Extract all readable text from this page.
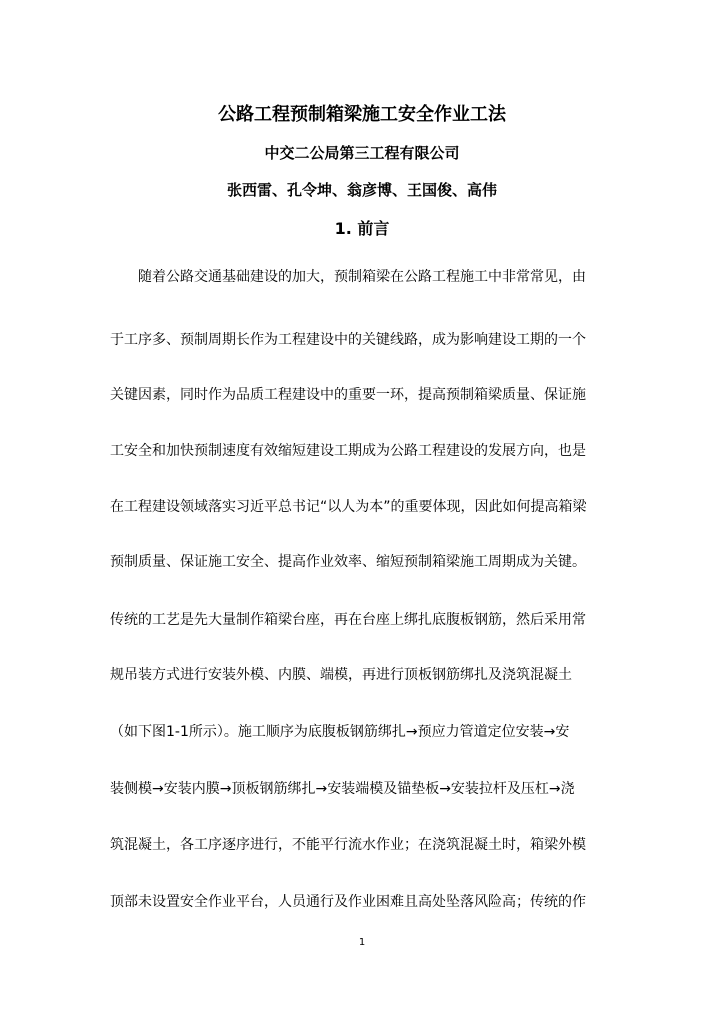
公路工程预制箱梁施工安全作业工法
中交二公局第三工程有限公司
张西雷、孔令坤、翁彦博、王国俊、高伟
1. 前言
随着公路交通基础建设的加大，预制箱梁在公路工程施工中非常常见，由
于工序多、预制周期长作为工程建设中的关键线路，成为影响建设工期的一个
关键因素，同时作为品质工程建设中的重要一环，提高预制箱梁质量、保证施
工安全和加快预制速度有效缩短建设工期成为公路工程建设的发展方向，也是
在工程建设领域落实习近平总书记“以人为本”的重要体现，因此如何提高箱梁
预制质量、保证施工安全、提高作业效率、缩短预制箱梁施工周期成为关键。
传统的工艺是先大量制作箱梁台座，再在台座上绑扎底腹板钢筋，然后采用常
规吊装方式进行安装外模、内膜、端模，再进行顶板钢筋绑扎及浇筑混凝土
（如下图1-1所示）。施工顺序为底腹板钢筋绑扎→预应力管道定位安装→安
装侧模→安装内膜→顶板钢筋绑扎→安装端模及锚垫板→安装拉杆及压杠→浇
筑混凝土，各工序逐序进行，不能平行流水作业；在浇筑混凝土时，箱梁外模
顶部未设置安全作业平台，人员通行及作业困难且高处坠落风险高；传统的作
1
